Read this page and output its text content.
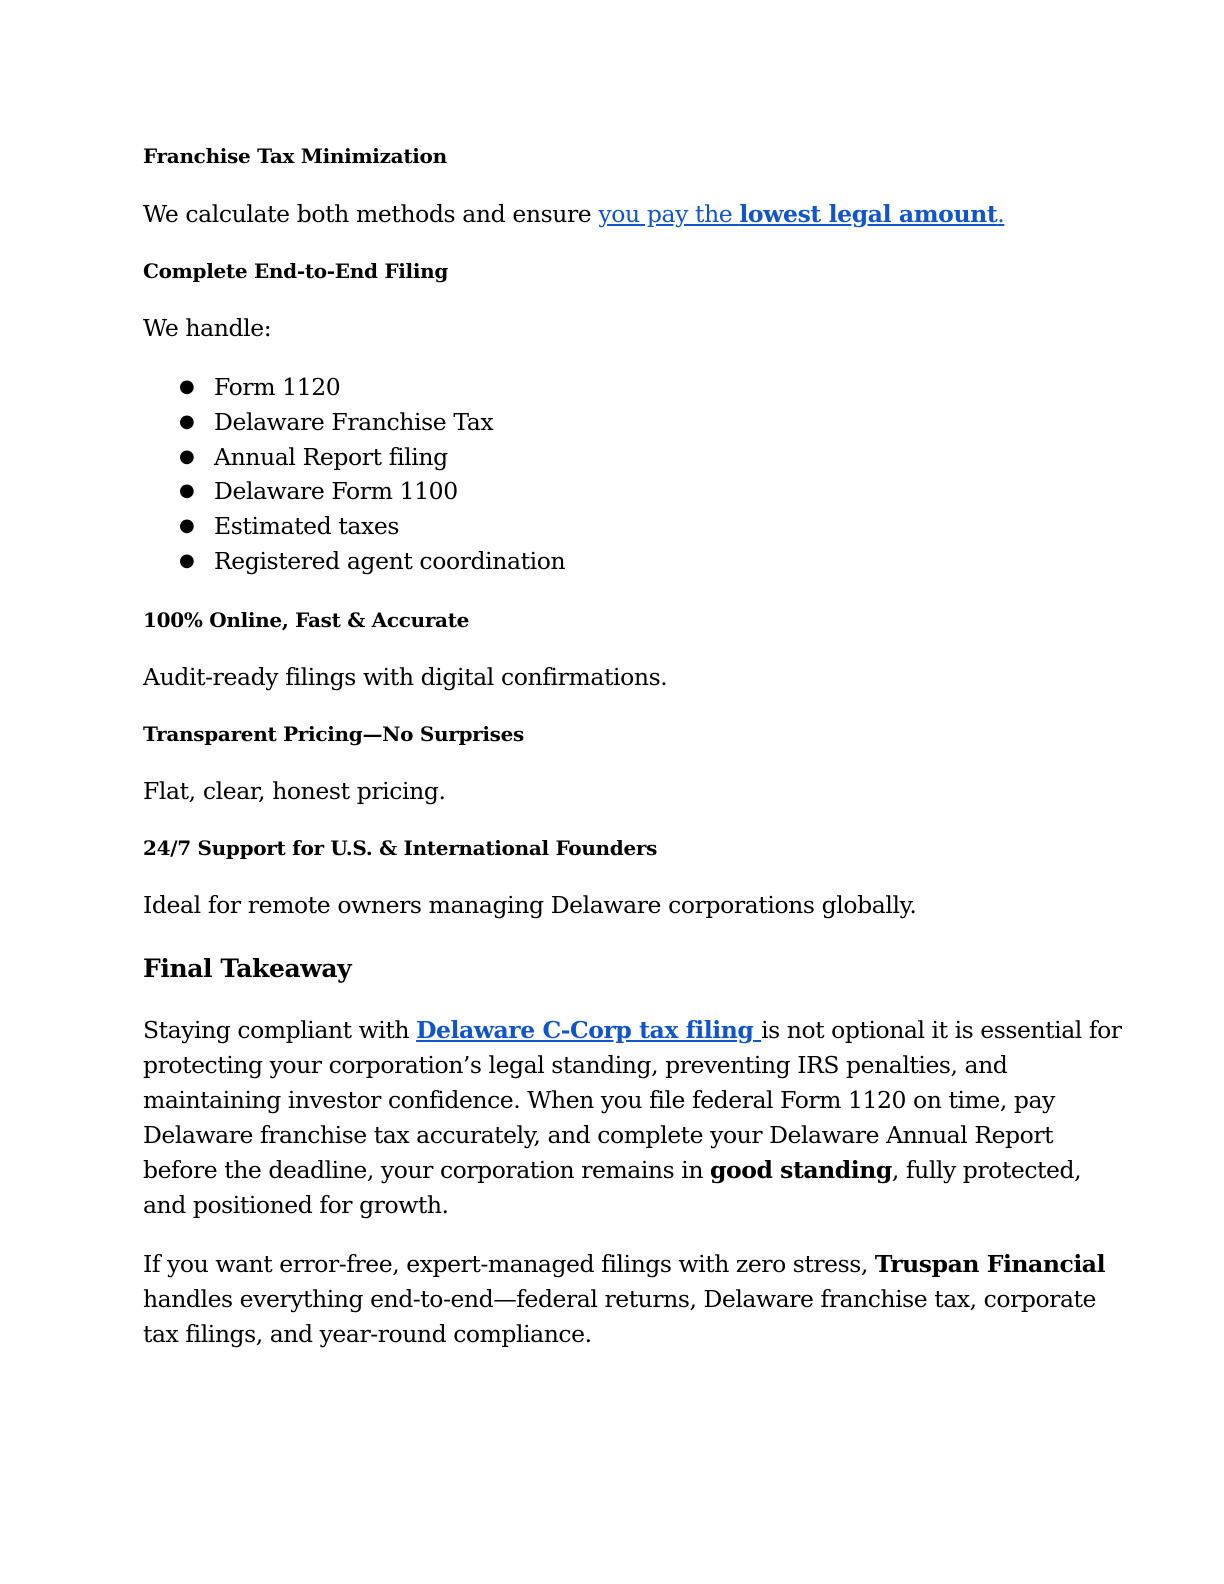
Franchise Tax Minimization
We calculate both methods and ensure you pay the lowest legal amount.
Complete End-to-End Filing
We handle:
● Form 1120
● Delaware Franchise Tax
● Annual Report filing
● Delaware Form 1100
● Estimated taxes
● Registered agent coordination
100% Online, Fast & Accurate
Audit-ready filings with digital confirmations.
Transparent Pricing—No Surprises
Flat, clear, honest pricing.
24/7 Support for U.S. & International Founders
Ideal for remote owners managing Delaware corporations globally.
Final Takeaway
Staying compliant with Delaware C-Corp tax filing is not optional it is essential for
protecting your corporation’s legal standing, preventing IRS penalties, and
maintaining investor confidence. When you file federal Form 1120 on time, pay
Delaware franchise tax accurately, and complete your Delaware Annual Report
before the deadline, your corporation remains in good standing, fully protected,
and positioned for growth.
If you want error-free, expert-managed filings with zero stress, Truspan Financial
handles everything end-to-end—federal returns, Delaware franchise tax, corporate
tax filings, and year-round compliance.
